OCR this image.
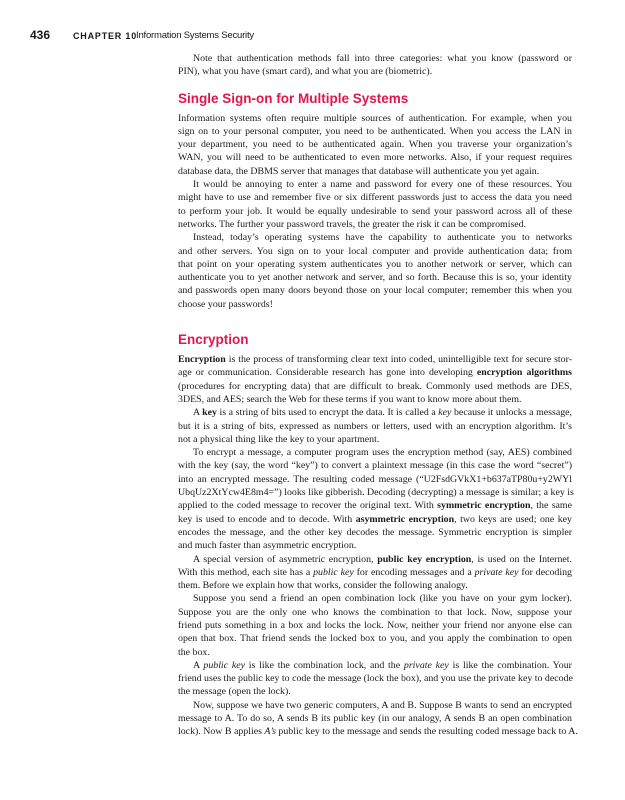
436	CHAPTER 10
Information Systems Security
Note that authentication methods fall into three categories: what you know (password or
PIN), what you have (smart card), and what you are (biometric).
Single Sign-on for Multiple Systems
Information systems often require multiple sources of authentication. For example, when you
sign on to your personal computer, you need to be authenticated. When you access the LAN in
your department, you need to be authenticated again. When you traverse your organization’s
WAN, you will need to be authenticated to even more networks. Also, if your request requires
database data, the DBMS server that manages that database will authenticate you yet again.
It would be annoying to enter a name and password for every one of these resources. You
might have to use and remember five or six different passwords just to access the data you need
to perform your job. It would be equally undesirable to send your password across all of these
networks. The further your password travels, the greater the risk it can be compromised.
Instead, today’s operating systems have the capability to authenticate you to networks
and other servers. You sign on to your local computer and provide authentication data; from
that point on your operating system authenticates you to another network or server, which can
authenticate you to yet another network and server, and so forth. Because this is so, your identity
and passwords open many doors beyond those on your local computer; remember this when you
choose your passwords!
Encryption
Encryption is the process of transforming clear text into coded, unintelligible text for secure stor-
age or communication. Considerable research has gone into developing encryption algorithms
(procedures for encrypting data) that are difficult to break. Commonly used methods are DES,
3DES, and AES; search the Web for these terms if you want to know more about them.
A key is a string of bits used to encrypt the data. It is called a key because it unlocks a message,
but it is a string of bits, expressed as numbers or letters, used with an encryption algorithm. It’s
not a physical thing like the key to your apartment.
To encrypt a message, a computer program uses the encryption method (say, AES) combined
with the key (say, the word “key”) to convert a plaintext message (in this case the word “secret”)
into an encrypted message. The resulting coded message (“U2FsdGVkX1+b637aTP80u+y2WYl
UbqUz2XtYcw4E8m4=”) looks like gibberish. Decoding (decrypting) a message is similar; a key is
applied to the coded message to recover the original text. With symmetric encryption, the same
key is used to encode and to decode. With asymmetric encryption, two keys are used; one key
encodes the message, and the other key decodes the message. Symmetric encryption is simpler
and much faster than asymmetric encryption.
A special version of asymmetric encryption, public key encryption, is used on the Internet.
With this method, each site has a public key for encoding messages and a private key for decoding
them. Before we explain how that works, consider the following analogy.
Suppose you send a friend an open combination lock (like you have on your gym locker).
Suppose you are the only one who knows the combination to that lock. Now, suppose your
friend puts something in a box and locks the lock. Now, neither your friend nor anyone else can
open that box. That friend sends the locked box to you, and you apply the combination to open
the box.
A public key is like the combination lock, and the private key is like the combination. Your
friend uses the public key to code the message (lock the box), and you use the private key to decode
the message (open the lock).
Now, suppose we have two generic computers, A and B. Suppose B wants to send an encrypted
message to A. To do so, A sends B its public key (in our analogy, A sends B an open combination
lock). Now B applies A’s public key to the message and sends the resulting coded message back to A.
